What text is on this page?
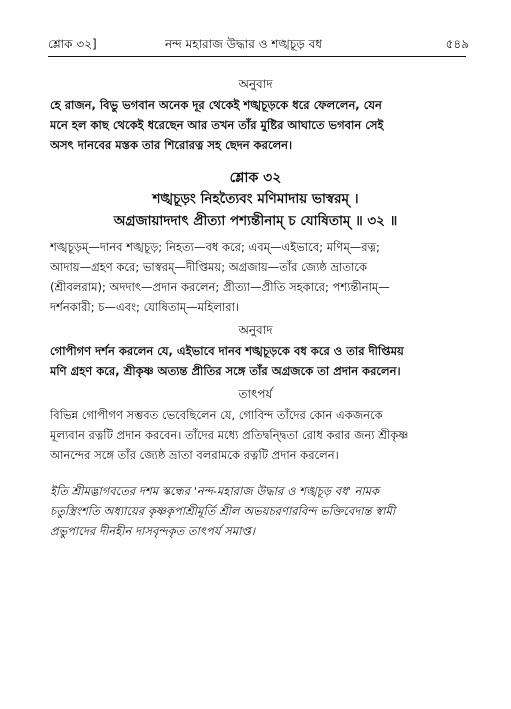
শ্লোক ৩২]	নন্দ মহারাজ উদ্ধার ও শঙ্খচূড় বধ	৫৪৯
অনুবাদ
হে রাজন, বিভু ভগবান অনেক দূর থেকেই শঙ্খচূড়কে ধরে ফেললেন, যেন
মনে হল কাছ থেকেই ধরেছেন আর তখন তাঁর মুষ্টির আঘাতে ভগবান সেই
অসৎ দানবের মস্তক তার শিরোরত্ন সহ ছেদন করলেন।
শ্লোক ৩২
শঙ্খচূড়ং নিহত্যৈবং মণিমাদায় ভাস্বরম্ ।
অগ্রজায়াদদাৎ প্রীত্যা পশ্যন্তীনাম্ চ যোষিতাম্ ॥ ৩২ ॥
শঙ্খচূড়ম্—দানব শঙ্খচূড়; নিহত্য—বধ করে; এবম্—এইভাবে; মণিম্—রত্ন;
আদায়—গ্রহণ করে; ভাস্বরম্—দীপ্তিময়; অগ্রজায়—তাঁর জ্যেষ্ঠ ভ্রাতাকে
(শ্রীবলরাম); অদদাৎ—প্রদান করলেন; প্রীত্যা—প্রীতি সহকারে; পশ্যন্তীনাম্—
দর্শনকারী; চ—এবং; যোষিতাম্—মহিলারা।
অনুবাদ
গোপীগণ দর্শন করলেন যে, এইভাবে দানব শঙ্খচূড়কে বধ করে ও তার দীপ্তিময়
মণি গ্রহণ করে, শ্রীকৃষ্ণ অত্যন্ত প্রীতির সঙ্গে তাঁর অগ্রজকে তা প্রদান করলেন।
তাৎপর্য
বিভিন্ন গোপীগণ সম্ভবত ভেবেছিলেন যে, গোবিন্দ তাঁদের কোন একজনকে
মূল্যবান রত্নটি প্রদান করবেন। তাঁদের মধ্যে প্রতিদ্বন্দ্বিতা রোধ করার জন্য শ্রীকৃষ্ণ
আনন্দের সঙ্গে তাঁর জ্যেষ্ঠ ভ্রাতা বলরামকে রত্নটি প্রদান করলেন।
ইতি শ্রীমদ্ভাগবতের দশম স্কন্ধের 'নন্দ-মহারাজ উদ্ধার ও শঙ্খচূড় বধ' নামক
চতুস্ত্রিংশতি অধ্যায়ের কৃষ্ণকৃপাশ্রীমূর্তি শ্রীল অভয়চরণারবিন্দ ভক্তিবেদান্ত স্বামী
প্রভুপাদের দীনহীন দাসবৃন্দকৃত তাৎপর্য সমাপ্ত।
